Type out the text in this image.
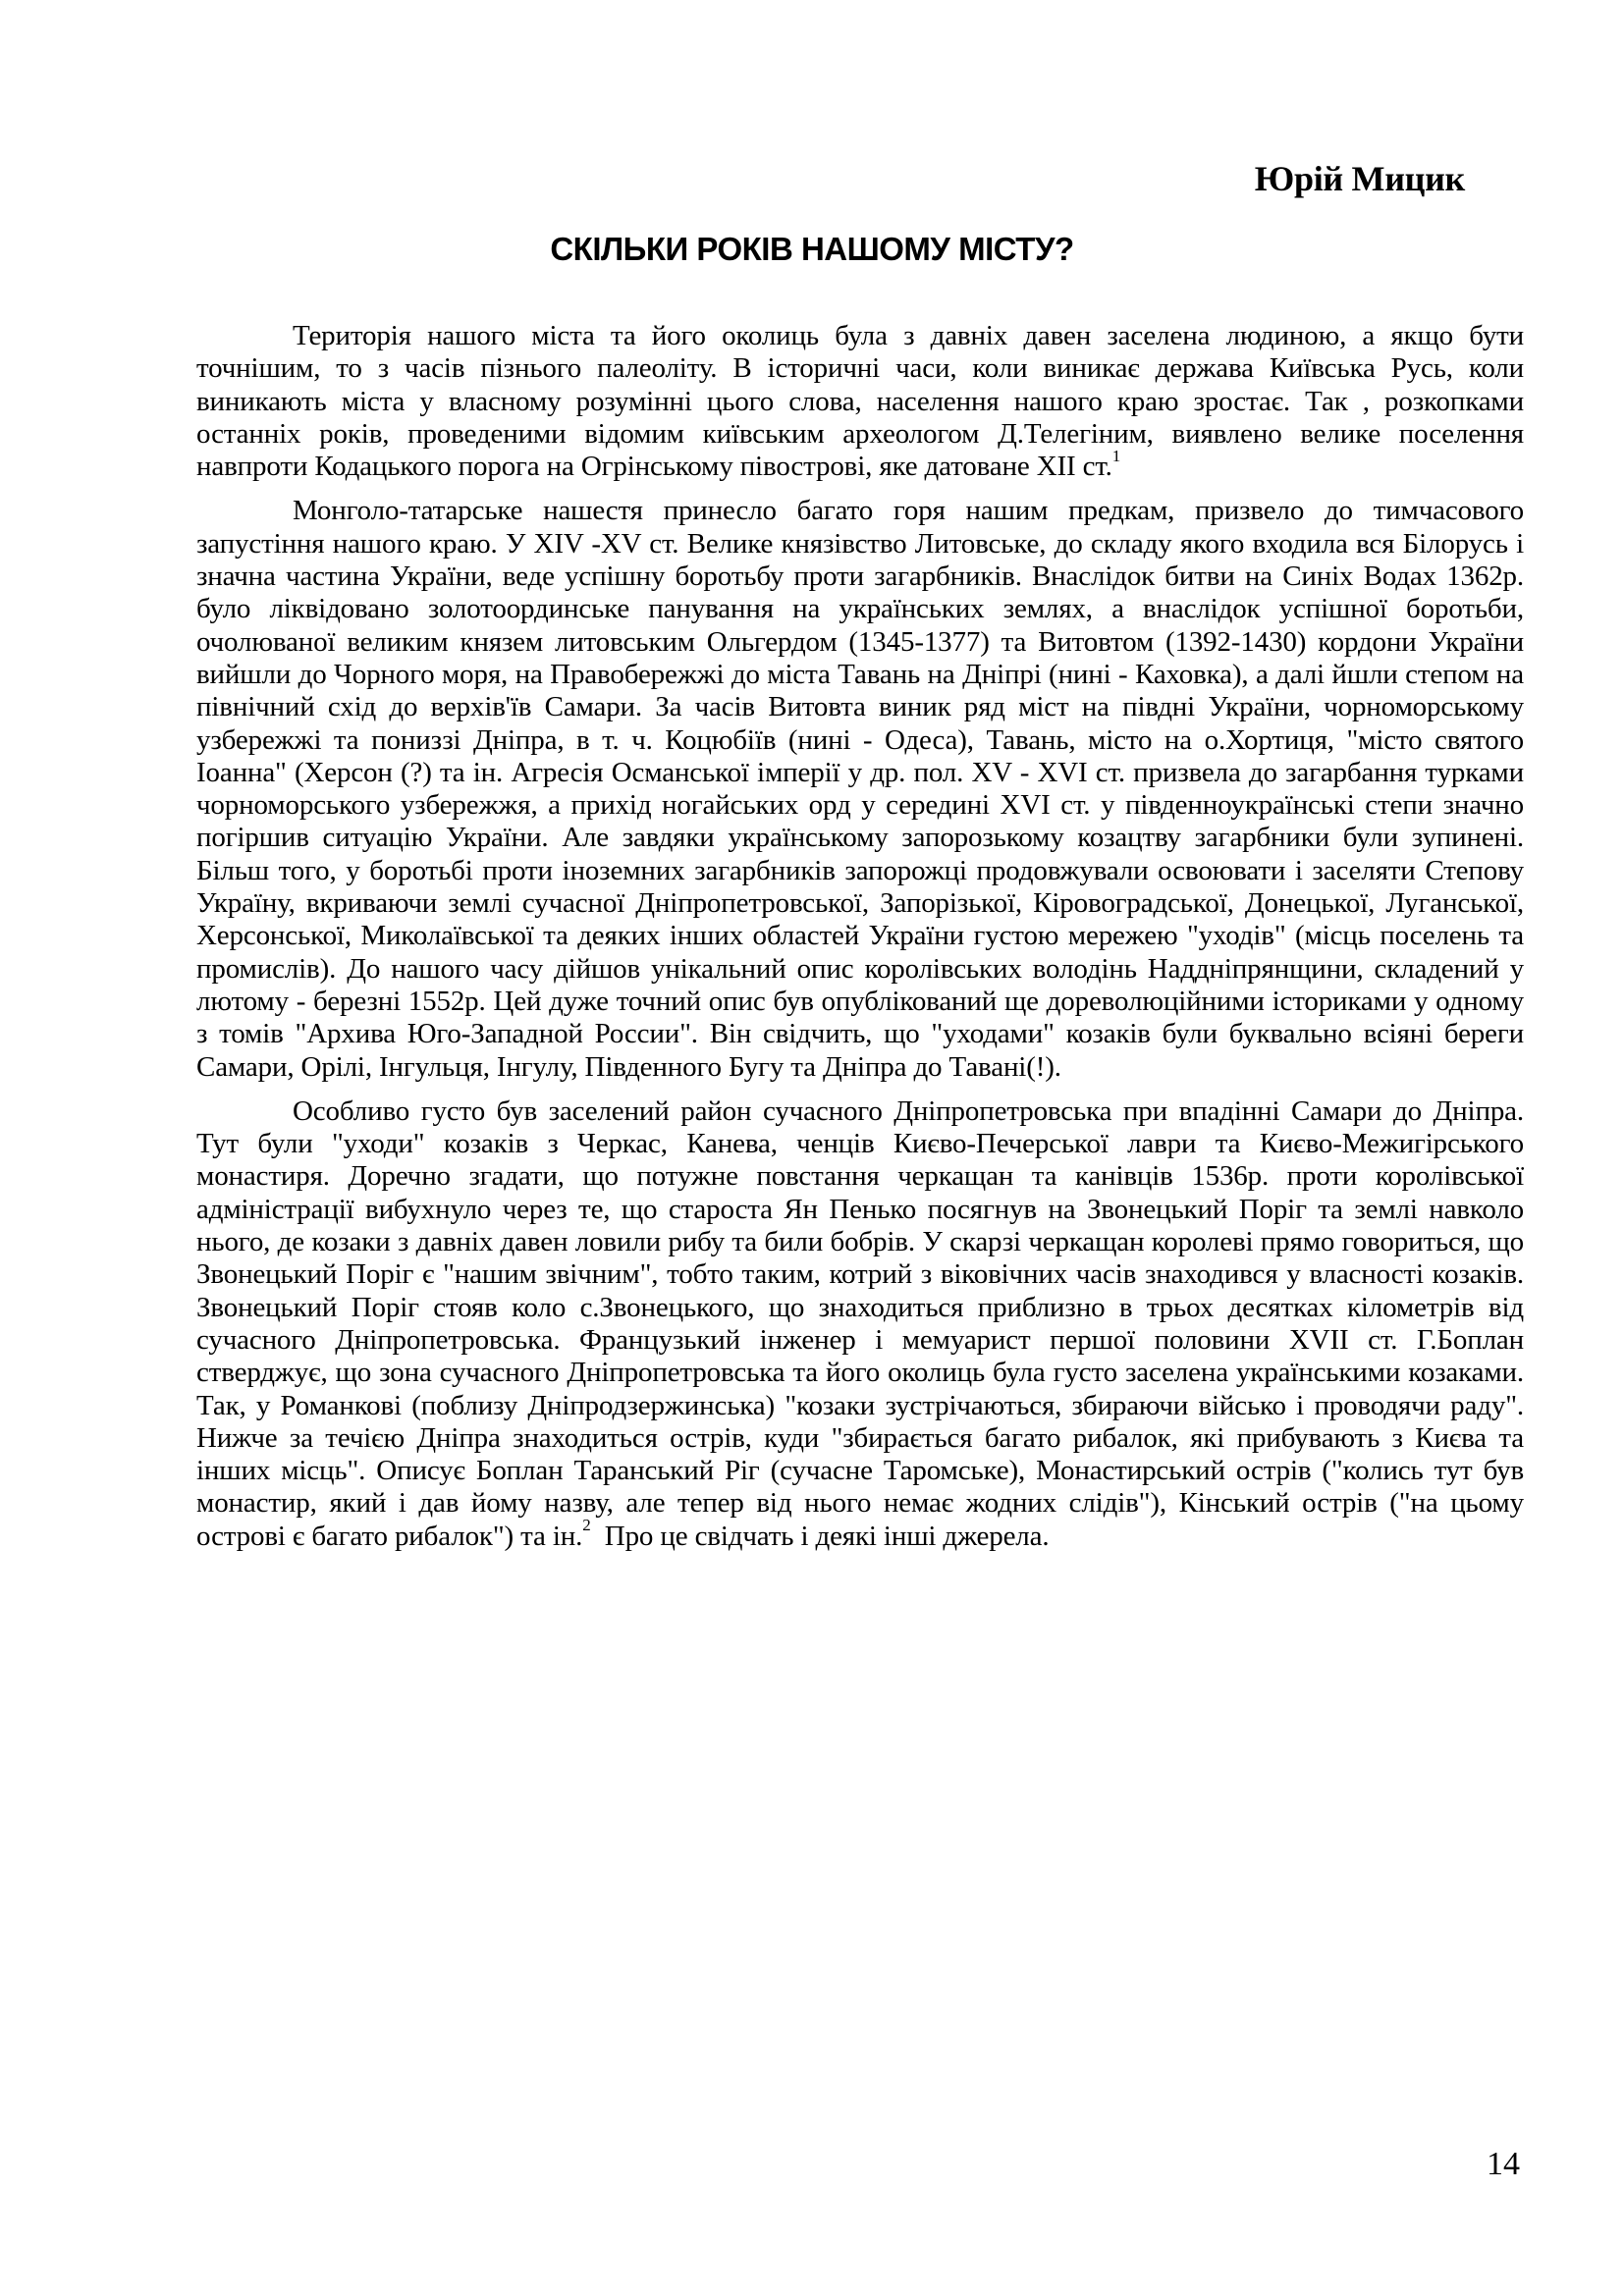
Юрій Мицик

СКІЛЬКИ РОКІВ НАШОМУ МІСТУ?

Територія нашого міста та його околиць була з давніх давен заселена людиною, а якщо бути точнішим, то з часів пізнього палеоліту. В історичні часи, коли виникає держава Київська Русь, коли виникають міста у власному розумінні цього слова, населення нашого краю зростає. Так , розкопками останніх років, проведеними відомим київським археологом Д.Телегіним, виявлено велике поселення навпроти Кодацького порога на Огрінському півострові, яке датоване XII ст.$^1$

Монголо-татарське нашестя принесло багато горя нашим предкам, призвело до тимчасового запустіння нашого краю. У XIV -XV ст. Велике князівство Литовське, до складу якого входила вся Білорусь і значна частина України, веде успішну боротьбу проти загарбників. Внаслідок битви на Синіх Водах 1362р. було ліквідовано золотоординське панування на українських землях, а внаслідок успішної боротьби, очолюваної великим князем литовським Ольгердом (1345-1377) та Витовтом (1392-1430) кордони України вийшли до Чорного моря, на Правобережжі до міста Тавань на Дніпрі (нині - Каховка), а далі йшли степом на північний схід до верхів'їв Самари. За часів Витовта виник ряд міст на півдні України, чорноморському узбережжі та пониззі Дніпра, в т. ч. Коцюбіїв (нині - Одеса), Тавань, місто на о.Хортиця, "місто святого Іоанна" (Херсон (?) та ін. Агресія Османської імперії у др. пол. XV - XVI ст. призвела до загарбання турками чорноморського узбережжя, а прихід ногайських орд у середині XVI ст. у південноукраїнські степи значно погіршив ситуацію України. Але завдяки українському запорозькому козацтву загарбники були зупинені. Більш того, у боротьбі проти іноземних загарбників запорожці продовжували освоювати і заселяти Степову Україну, вкриваючи землі сучасної Дніпропетровської, Запорізької, Кіровоградської, Донецької, Луганської, Херсонської, Миколаївської та деяких інших областей України густою мережею "уходів" (місць поселень та промислів). До нашого часу дійшов унікальний опис королівських володінь Наддніпрянщини, складений у лютому - березні 1552р. Цей дуже точний опис був опублікований ще дореволюційними істориками у одному з томів "Архива Юго-Западной России". Він свідчить, що "уходами" козаків були буквально всіяні береги Самари, Орілі, Інгульця, Інгулу, Південного Бугу та Дніпра до Тавані(!).

Особливо густо був заселений район сучасного Дніпропетровська при впадінні Самари до Дніпра. Тут були "уходи" козаків з Черкас, Канева, ченців Києво-Печерської лаври та Києво-Межигірського монастиря. Доречно згадати, що потужне повстання черкащан та канівців 1536р. проти королівської адміністрації вибухнуло через те, що староста Ян Пенько посягнув на Звонецький Поріг та землі навколо нього, де козаки з давніх давен ловили рибу та били бобрів. У скарзі черкащан королеві прямо говориться, що Звонецький Поріг є "нашим звічним", тобто таким, котрий з віковічних часів знаходився у власності козаків. Звонецький Поріг стояв коло с.Звонецького, що знаходиться приблизно в трьох десятках кілометрів від сучасного Дніпропетровська. Французький інженер і мемуарист першої половини XVII ст. Г.Боплан стверджує, що зона сучасного Дніпропетровська та його околиць була густо заселена українськими козаками. Так, у Романкові (поблизу Дніпродзержинська) "козаки зустрічаються, збираючи військо і проводячи раду". Нижче за течією Дніпра знаходиться острів, куди "збирається багато рибалок, які прибувають з Києва та інших місць". Описує Боплан Таранський Ріг (сучасне Таромське), Монастирський острів ("колись тут був монастир, який і дав йому назву, але тепер від нього немає жодних слідів"), Кінський острів ("на цьому острові є багато рибалок") та ін.$^2$  Про це свідчать і деякі інші джерела.

14
